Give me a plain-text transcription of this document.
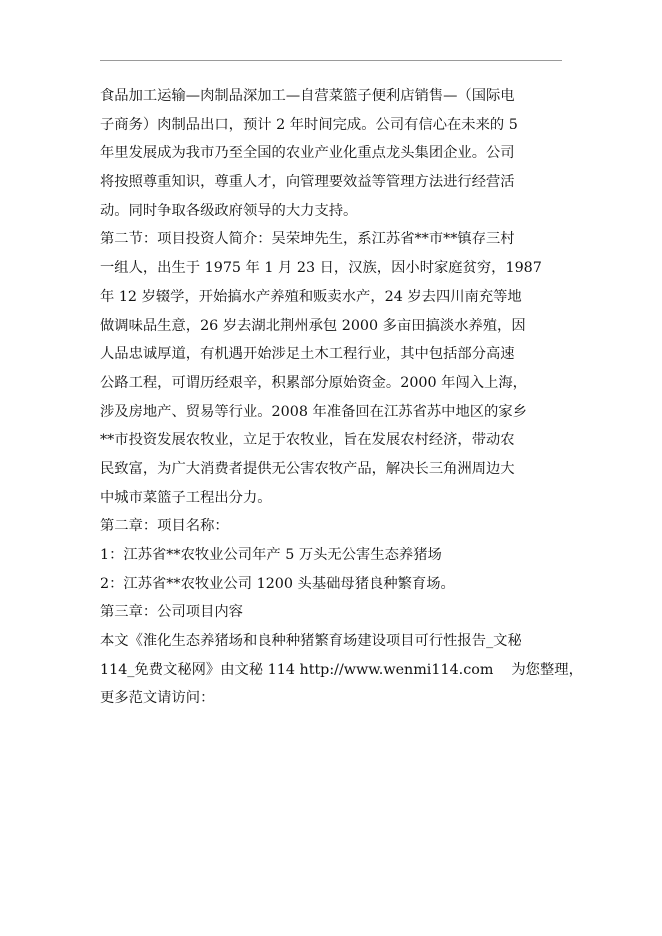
食品加工运输—肉制品深加工—自营菜篮子便利店销售—（国际电
子商务）肉制品出口，预计 2 年时间完成。公司有信心在未来的 5
年里发展成为我市乃至全国的农业产业化重点龙头集团企业。公司
将按照尊重知识，尊重人才，向管理要效益等管理方法进行经营活
动。同时争取各级政府领导的大力支持。
第二节：项目投资人简介：吴荣坤先生，系江苏省**市**镇存三村
一组人，出生于 1975 年 1 月 23 日，汉族，因小时家庭贫穷，1987
年 12 岁辍学，开始搞水产养殖和贩卖水产，24 岁去四川南充等地
做调味品生意，26 岁去湖北荆州承包 2000 多亩田搞淡水养殖，因
人品忠诚厚道，有机遇开始涉足土木工程行业，其中包括部分高速
公路工程，可谓历经艰辛，积累部分原始资金。2000 年闯入上海，
涉及房地产、贸易等行业。2008 年准备回在江苏省苏中地区的家乡
**市投资发展农牧业，立足于农牧业，旨在发展农村经济，带动农
民致富，为广大消费者提供无公害农牧产品，解决长三角洲周边大
中城市菜篮子工程出分力。
第二章：项目名称：
1：江苏省**农牧业公司年产 5 万头无公害生态养猪场
2：江苏省**农牧业公司 1200 头基础母猪良种繁育场。
第三章：公司项目内容
本文《淮化生态养猪场和良种种猪繁育场建设项目可行性报告_文秘
114_免费文秘网》由文秘 114 http://www.wenmi114.com 为您整理，
更多范文请访问：
